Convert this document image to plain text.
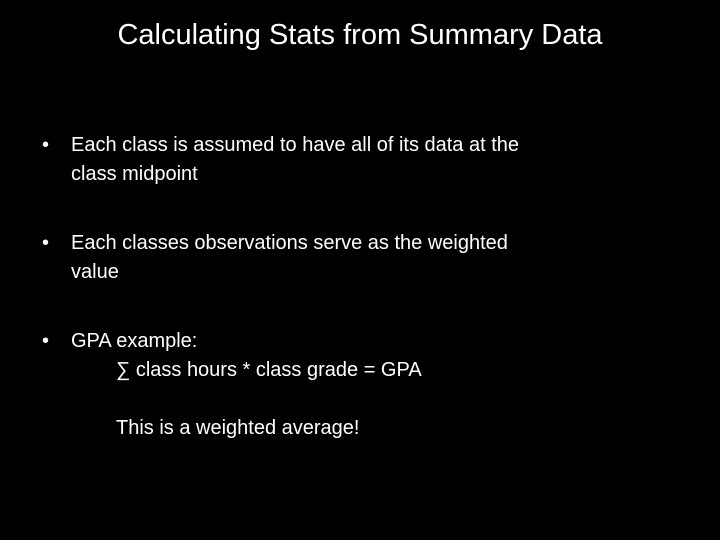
Calculating Stats from Summary Data
• Each class is assumed to have all of its data at the
class midpoint
• Each classes observations serve as the weighted
value
• GPA example:
∑ class hours * class grade = GPA
This is a weighted average!
